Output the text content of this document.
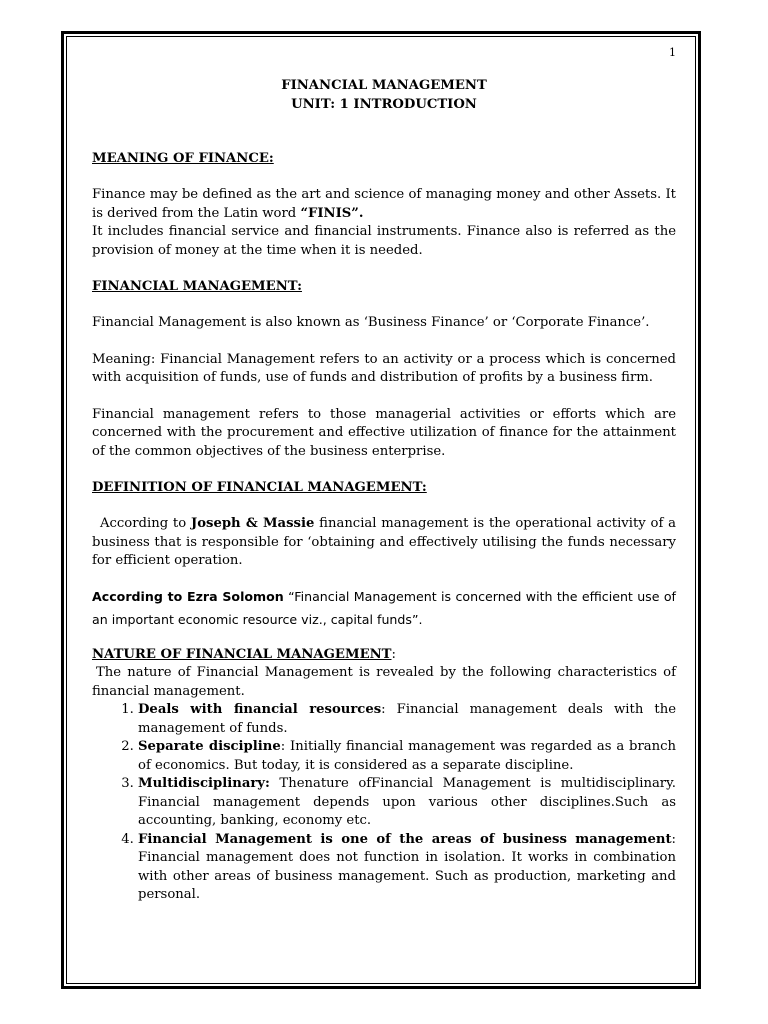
1
FINANCIAL MANAGEMENT
UNIT: 1 INTRODUCTION
MEANING OF FINANCE:

Finance may be defined as the art and science of managing money and other Assets. It is derived from the Latin word “FINIS”.

It includes financial service and financial instruments. Finance also is referred as the provision of money at the time when it is needed.

FINANCIAL MANAGEMENT:

Financial Management is also known as ‘Business Finance’ or ‘Corporate Finance’.

Meaning: Financial Management refers to an activity or a process which is concerned with acquisition of funds, use of funds and distribution of profits by a business firm.

Financial management refers to those managerial activities or efforts which are concerned with the procurement and effective utilization of finance for the attainment of the common objectives of the business enterprise.

DEFINITION OF FINANCIAL MANAGEMENT:

According to Joseph & Massie financial management is the operational activity of a business that is responsible for ‘obtaining and effectively utilising the funds necessary for efficient operation.

According to Ezra Solomon “Financial Management is concerned with the efficient use of an important economic resource viz., capital funds”.

NATURE OF FINANCIAL MANAGEMENT:

The nature of Financial Management is revealed by the following characteristics of financial management.

1. Deals with financial resources: Financial management deals with the management of funds.
2. Separate discipline: Initially financial management was regarded as a branch of economics. But today, it is considered as a separate discipline.
3. Multidisciplinary: Thenature ofFinancial Management is multidisciplinary. Financial management depends upon various other disciplines.Such as accounting, banking, economy etc.
4. Financial Management is one of the areas of business management: Financial management does not function in isolation. It works in combination with other areas of business management. Such as production, marketing and personal.
